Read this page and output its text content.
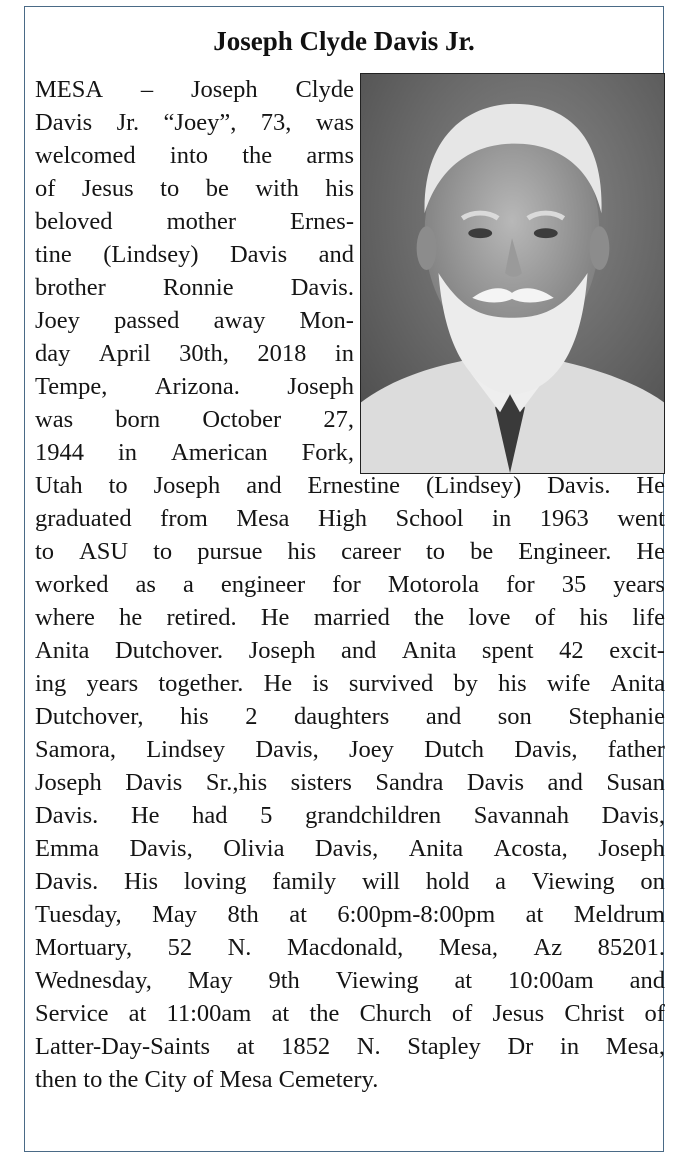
Joseph Clyde Davis Jr.
MESA – Joseph Clyde
Davis Jr. “Joey”, 73, was
welcomed into the arms
of Jesus to be with his
beloved mother Ernes-
tine (Lindsey) Davis and
brother Ronnie Davis.
Joey passed away Mon-
day April 30th, 2018 in
Tempe, Arizona. Joseph
was born October 27,
1944 in American Fork,
Utah to Joseph and Ernestine (Lindsey) Davis. He
graduated from Mesa High School in 1963 went
to ASU to pursue his career to be Engineer. He
worked as a engineer for Motorola for 35 years
where he retired. He married the love of his life
Anita Dutchover. Joseph and Anita spent 42 excit-
ing years together. He is survived by his wife Anita
Dutchover, his 2 daughters and son Stephanie
Samora, Lindsey Davis, Joey Dutch Davis, father
Joseph Davis Sr.,his sisters Sandra Davis and Susan
Davis. He had 5 grandchildren Savannah Davis,
Emma Davis, Olivia Davis, Anita Acosta, Joseph
Davis. His loving family will hold a Viewing on
Tuesday, May 8th at 6:00pm-8:00pm at Meldrum
Mortuary, 52 N. Macdonald, Mesa, Az 85201.
Wednesday, May 9th Viewing at 10:00am and
Service at 11:00am at the Church of Jesus Christ of
Latter-Day-Saints at 1852 N. Stapley Dr in Mesa,
then to the City of Mesa Cemetery.
